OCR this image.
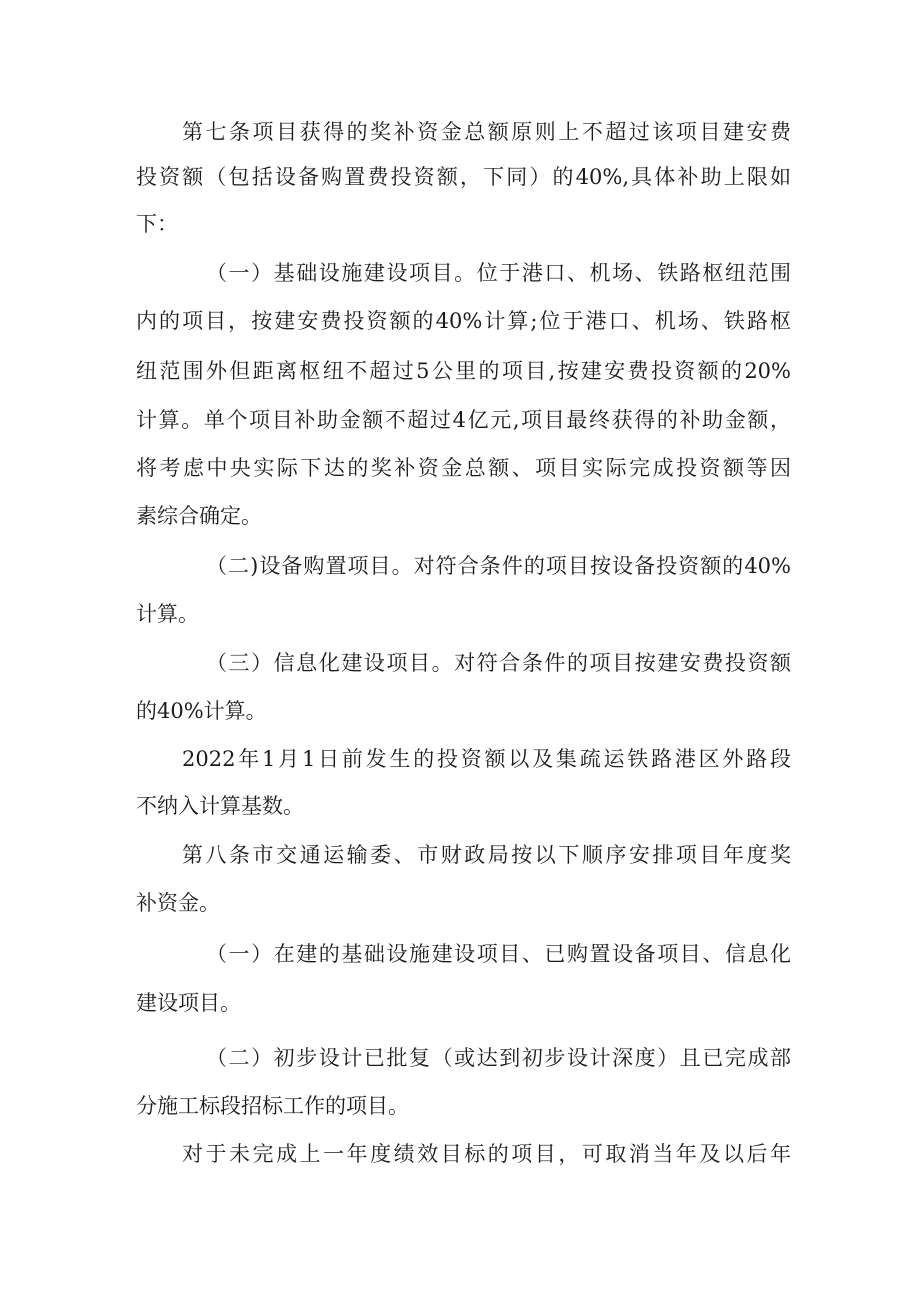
第七条项目获得的奖补资金总额原则上不超过该项目建安费
投资额（包括设备购置费投资额，下同）的40%,具体补助上限如
下：
（一）基础设施建设项目。位于港口、机场、铁路枢纽范围
内的项目，按建安费投资额的40%计算;位于港口、机场、铁路枢
纽范围外但距离枢纽不超过5公里的项目,按建安费投资额的20%
计算。单个项目补助金额不超过4亿元,项目最终获得的补助金额，
将考虑中央实际下达的奖补资金总额、项目实际完成投资额等因
素综合确定。
（二)设备购置项目。对符合条件的项目按设备投资额的40%
计算。
（三）信息化建设项目。对符合条件的项目按建安费投资额
的40%计算。
2022年1月1日前发生的投资额以及集疏运铁路港区外路段
不纳入计算基数。
第八条市交通运输委、市财政局按以下顺序安排项目年度奖
补资金。
（一）在建的基础设施建设项目、已购置设备项目、信息化
建设项目。
（二）初步设计已批复（或达到初步设计深度）且已完成部
分施工标段招标工作的项目。
对于未完成上一年度绩效目标的项目，可取消当年及以后年
